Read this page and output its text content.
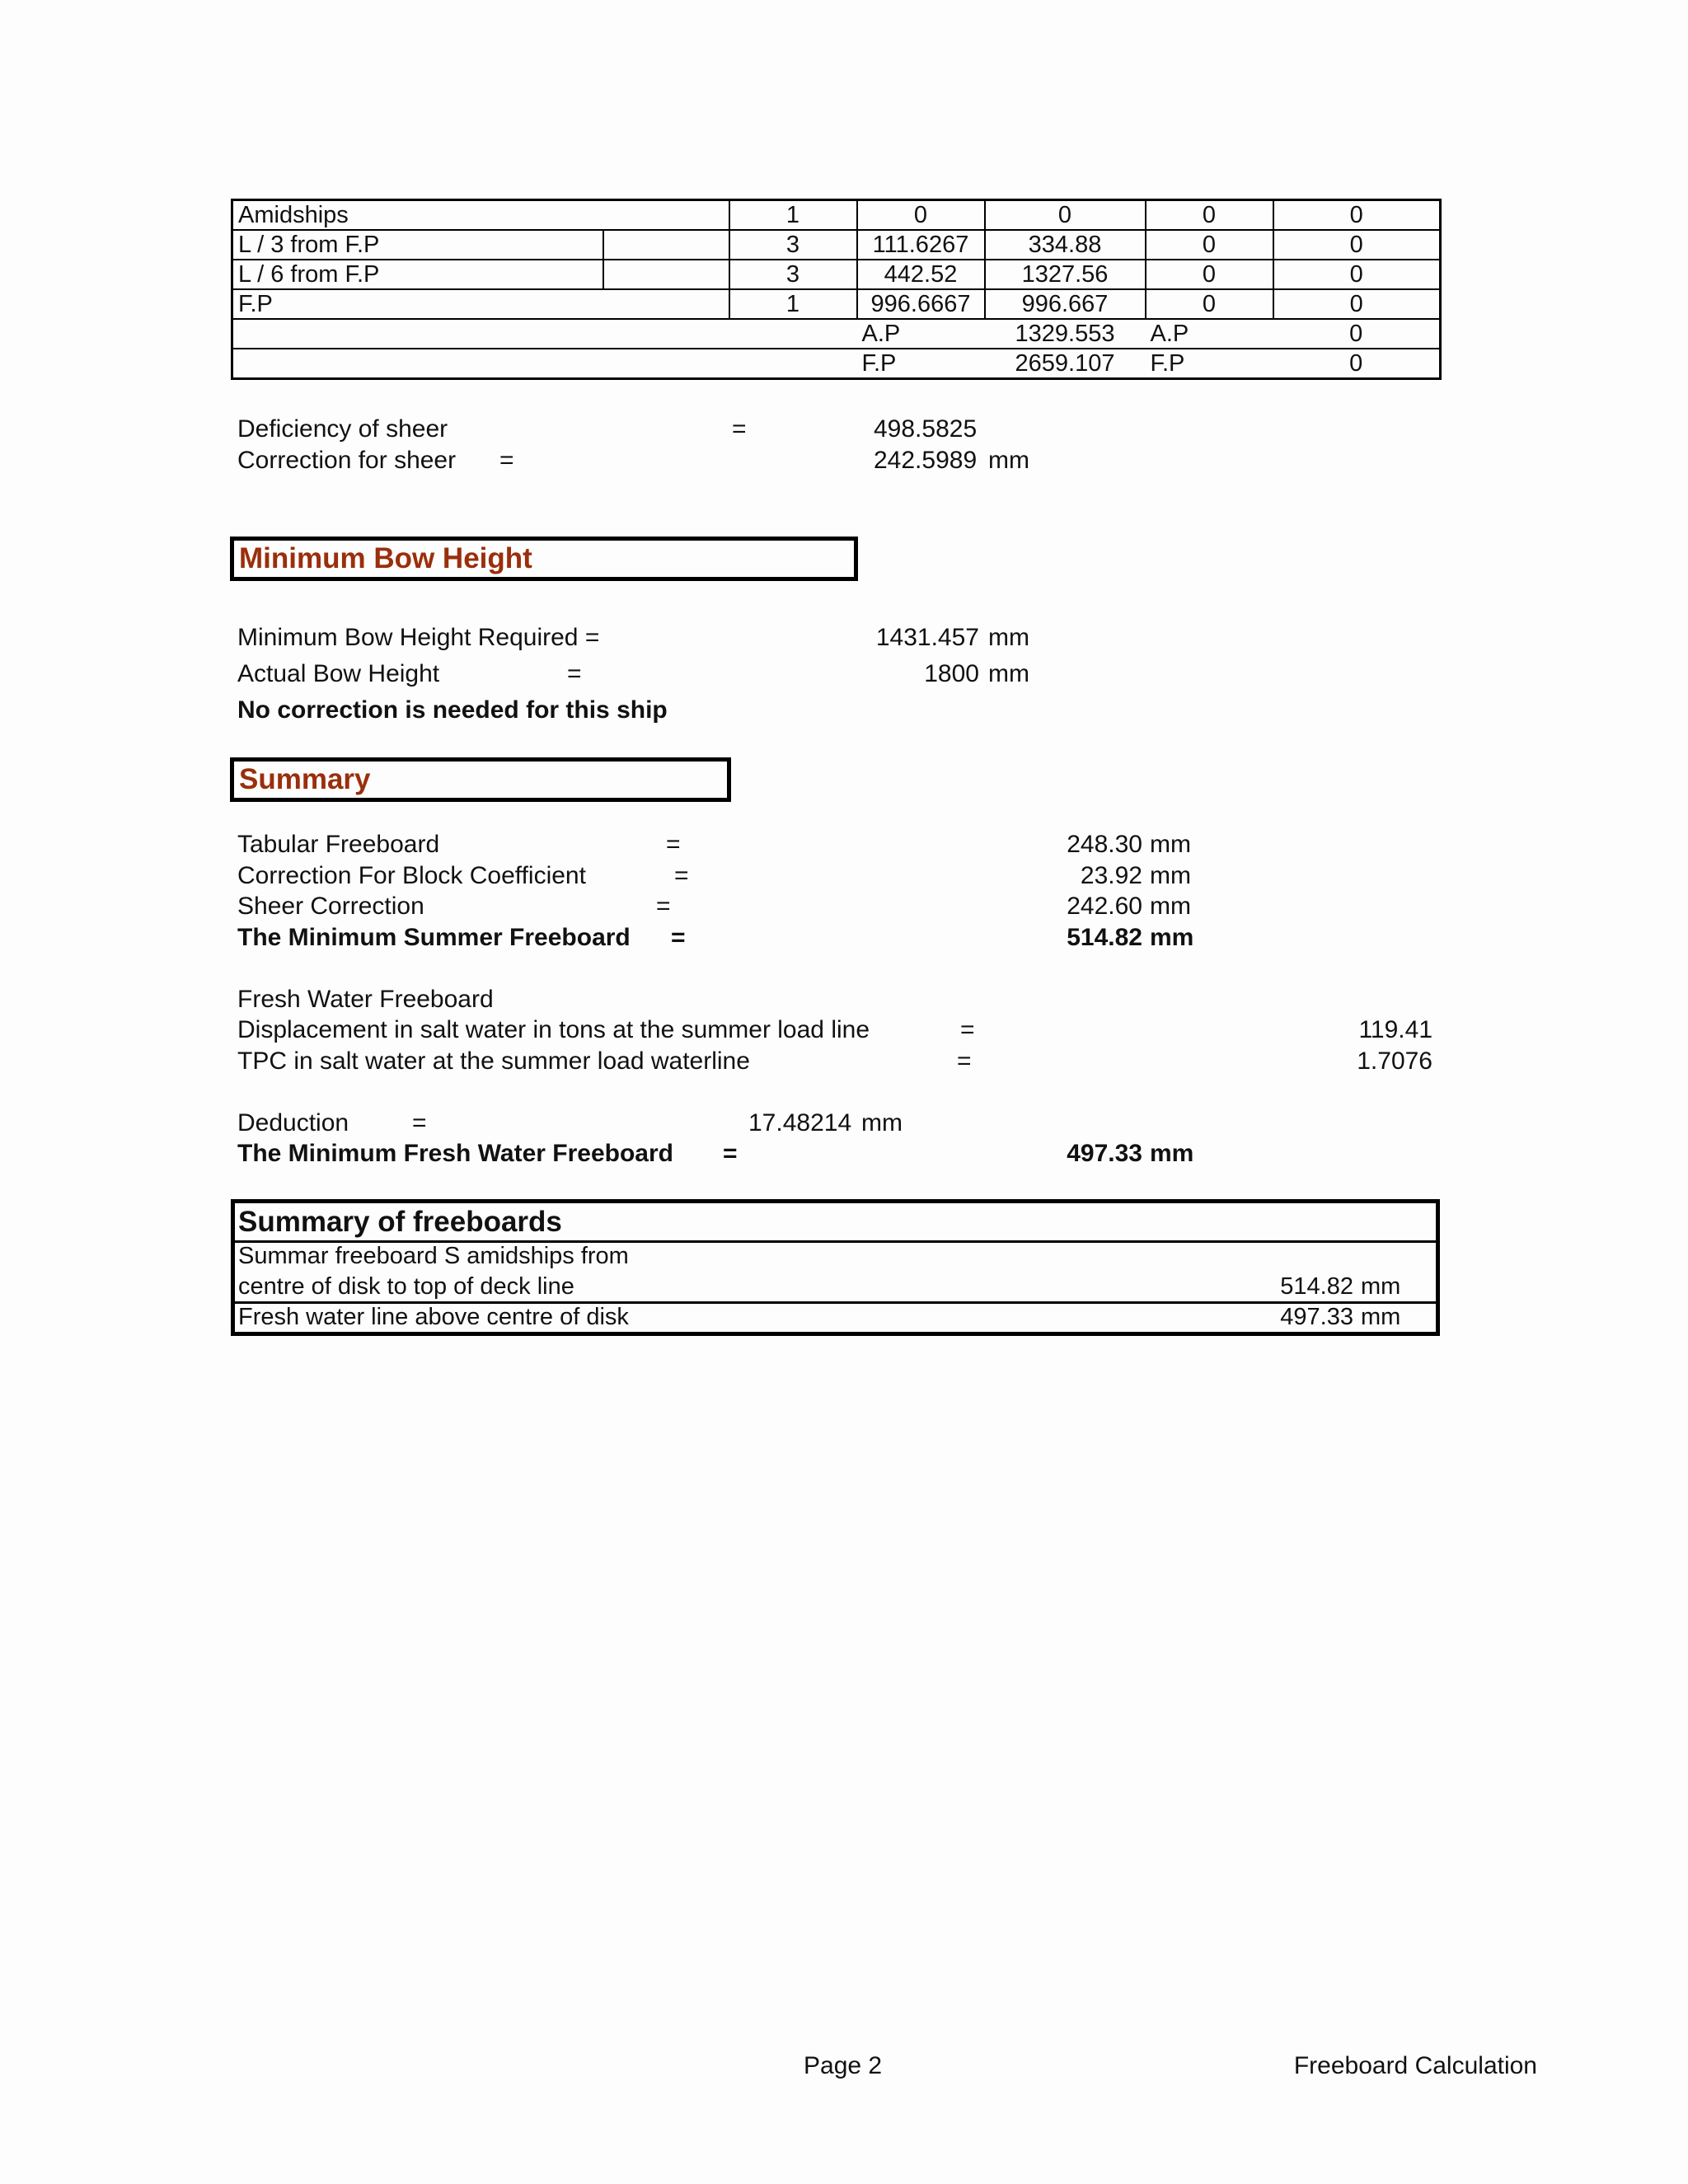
Amidships		1	0	0	0	0
L / 3 from F.P		3	111.6267	334.88	0	0
L / 6 from F.P		3	442.52	1327.56	0	0
F.P		1	996.6667	996.667	0	0
			A.P	1329.553	A.P	0
			F.P	2659.107	F.P	0
Deficiency of sheer	=	498.5825
Correction for sheer =	242.5989 mm
Minimum Bow Height
Minimum Bow Height Required =	1431.457 mm
Actual Bow Height	=	1800 mm
No correction is needed for this ship
Summary
Tabular Freeboard	=	248.30 mm
Correction For Block Coefficient	=	23.92 mm
Sheer Correction	=	242.60 mm
The Minimum Summer Freeboard =	514.82 mm
Fresh Water Freeboard
Displacement in salt water in tons at the summer load line	=	119.41
TPC in salt water at the summer load waterline	=	1.7076
Deduction	=	17.48214 mm
The Minimum Fresh Water Freeboard =	497.33 mm
Summary of freeboards
Summar freeboard S amidships from
centre of disk to top of deck line	514.82 mm
Fresh water line above centre of disk	497.33 mm
Page 2	Freeboard Calculation
